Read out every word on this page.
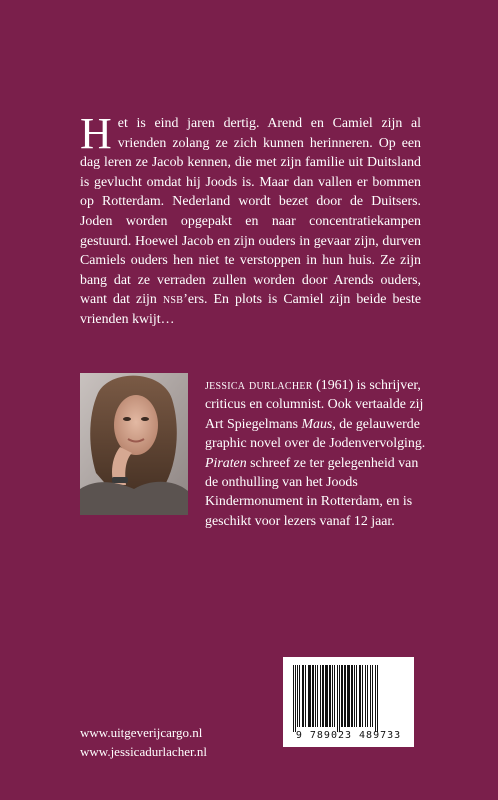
Het is eind jaren dertig. Arend en Camiel zijn al vrienden zolang ze zich kunnen herinneren. Op een dag leren ze Jacob kennen, die met zijn familie uit Duitsland is gevlucht omdat hij Joods is. Maar dan vallen er bommen op Rotterdam. Nederland wordt bezet door de Duitsers. Joden worden opgepakt en naar concentratiekampen gestuurd. Hoewel Jacob en zijn ouders in gevaar zijn, durven Camiels ouders hen niet te verstoppen in hun huis. Ze zijn bang dat ze verraden zullen worden door Arends ouders, want dat zijn nsb’ers. En plots is Camiel zijn beide beste vrienden kwijt…

jessica durlacher (1961) is schrijver, criticus en columnist. Ook vertaalde zij Art Spiegelmans Maus, de gelauwerde graphic novel over de Jodenvervolging. Piraten schreef ze ter gelegenheid van de onthulling van het Joods Kindermonument in Rotterdam, en is geschikt voor lezers vanaf 12 jaar.

9 789023 489733
www.uitgeverijcargo.nl
www.jessicadurlacher.nl
